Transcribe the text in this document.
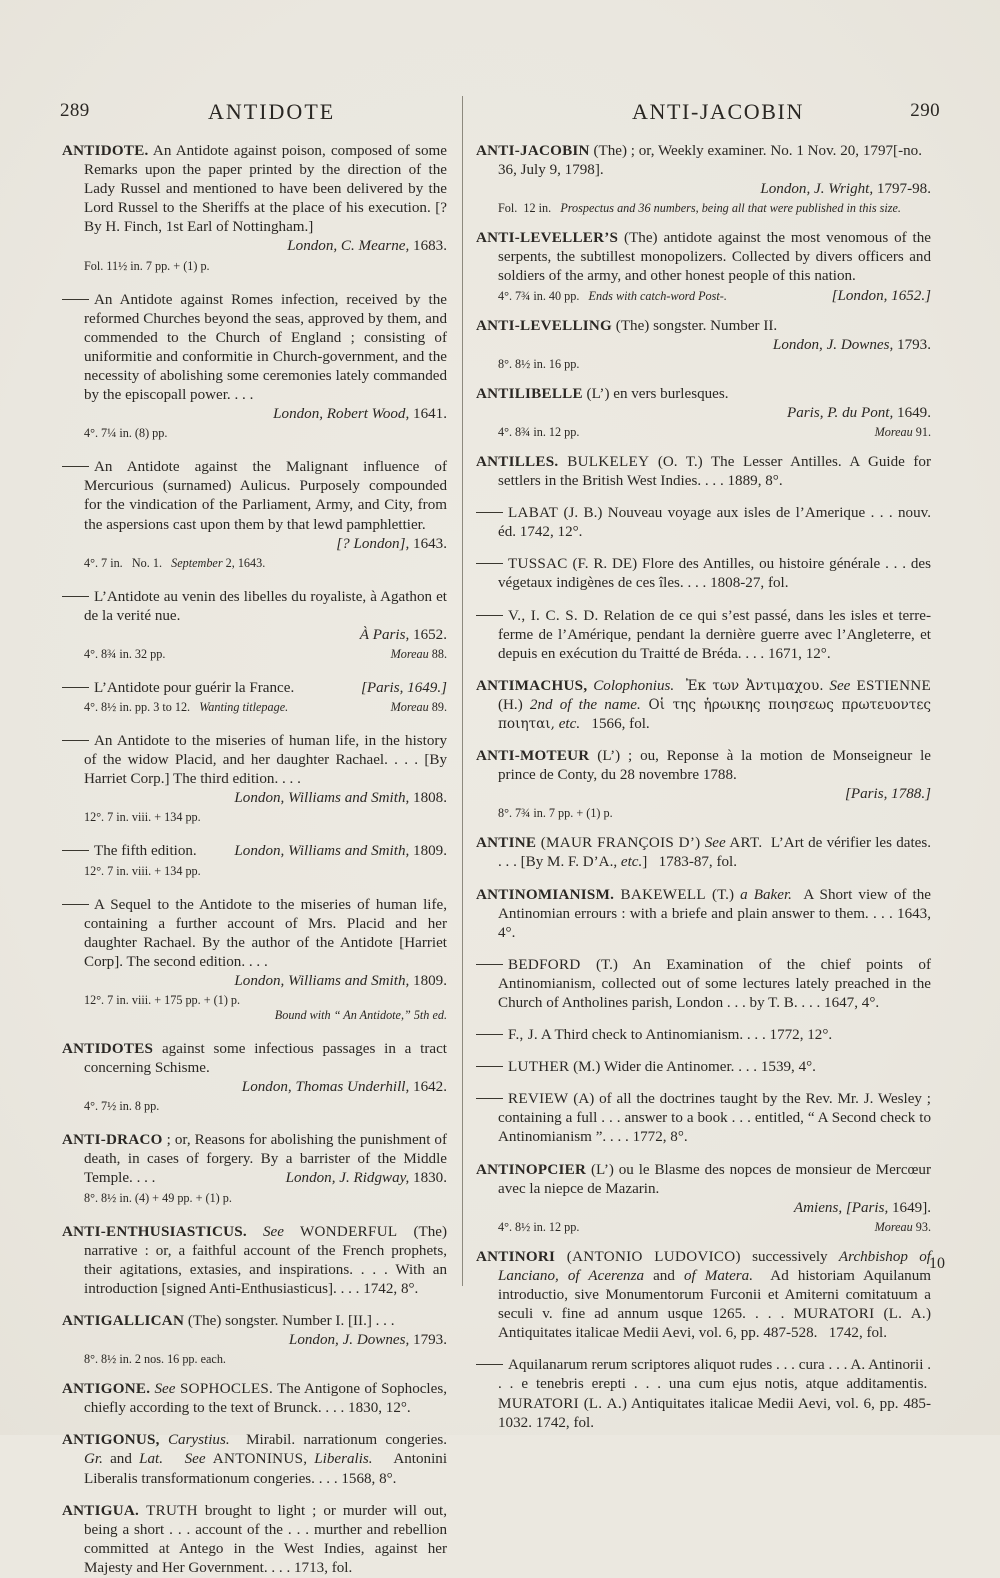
289	ANTIDOTE	ANTI-JACOBIN	290

ANTIDOTE. An Antidote against poison, composed of some Remarks upon the paper printed by the direction of the Lady Russel and mentioned to have been delivered by the Lord Russel to the Sheriffs at the place of his execution. [? By H. Finch, 1st Earl of Nottingham.]

London, C. Mearne, 1683.

Fol. 11½ in. 7 pp. + (1) p.

An Antidote against Romes infection, received by the reformed Churches beyond the seas, approved by them, and commended to the Church of England ; consisting of uniformitie and conformitie in Church-government, and the necessity of abolishing some ceremonies lately commanded by the episcopall power. . . .

London, Robert Wood, 1641.

4°. 7¼ in. (8) pp.

An Antidote against the Malignant influence of Mercurious (surnamed) Aulicus. Purposely compounded for the vindication of the Parliament, Army, and City, from the aspersions cast upon them by that lewd pamphlettier.

[? London], 1643.

4°. 7 in.   No. 1.   September 2, 1643.

L’Antidote au venin des libelles du royaliste, à Agathon et de la verité nue.

À Paris, 1652.

4°. 8¾ in. 32 pp.	Moreau 88.

L’Antidote pour guérir la France.	[Paris, 1649.]

4°. 8½ in. pp. 3 to 12.   Wanting titlepage.	Moreau 89.

An Antidote to the miseries of human life, in the history of the widow Placid, and her daughter Rachael. . . . [By Harriet Corp.] The third edition. . . .

London, Williams and Smith, 1808.

12°. 7 in. viii. + 134 pp.

The fifth edition. London, Williams and Smith, 1809.

12°. 7 in. viii. + 134 pp.

A Sequel to the Antidote to the miseries of human life, containing a further account of Mrs. Placid and her daughter Rachael. By the author of the Antidote [Harriet Corp]. The second edition. . . .

London, Williams and Smith, 1809.

12°. 7 in. viii. + 175 pp. + (1) p.

Bound with “ An Antidote,” 5th ed.

ANTIDOTES against some infectious passages in a tract concerning Schisme.

London, Thomas Underhill, 1642.

4°. 7½ in. 8 pp.

ANTI-DRACO ; or, Reasons for abolishing the punishment of death, in cases of forgery. By a barrister of the Middle Temple. . . .	London, J. Ridgway, 1830.

8°. 8½ in. (4) + 49 pp. + (1) p.

ANTI-ENTHUSIASTICUS. See WONDERFUL (The) narrative : or, a faithful account of the French prophets, their agitations, extasies, and inspirations. . . . With an introduction [signed Anti-Enthusiasticus]. . . . 1742, 8°.

ANTIGALLICAN (The) songster. Number I. [II.] . . .

London, J. Downes, 1793.

8°. 8½ in. 2 nos. 16 pp. each.

ANTIGONE. See SOPHOCLES. The Antigone of Sophocles, chiefly according to the text of Brunck. . . . 1830, 12°.

ANTIGONUS, Carystius.  Mirabil. narrationum congeries. Gr. and Lat. See ANTONINUS, Liberalis.   Antonini Liberalis transformationum congeries. . . . 1568, 8°.

ANTIGUA. TRUTH brought to light ; or murder will out, being a short . . . account of the . . . murther and rebellion committed at Antego in the West Indies, against her Majesty and Her Government. . . . 1713, fol.

ANTI-JACOBIN (The) ; or, Weekly examiner. No. 1 Nov. 20, 1797[-no. 36, July 9, 1798].

London, J. Wright, 1797-98.

Fol.  12 in.   Prospectus and 36 numbers, being all that were published in this size.

ANTI-LEVELLER’S (The) antidote against the most venomous of the serpents, the subtillest monopolizers. Collected by divers officers and soldiers of the army, and other honest people of this nation.
[London, 1652.]

4°. 7¾ in. 40 pp.   Ends with catch-word Post-.

ANTI-LEVELLING (The) songster. Number II.

London, J. Downes, 1793.

8°. 8½ in. 16 pp.

ANTILIBELLE (L’) en vers burlesques.

Paris, P. du Pont, 1649.

4°. 8¾ in. 12 pp.	Moreau 91.

ANTILLES. BULKELEY (O. T.) The Lesser Antilles. A Guide for settlers in the British West Indies. . . . 1889, 8°.

LABAT (J. B.) Nouveau voyage aux isles de l’Amerique . . . nouv. éd. 1742, 12°.

TUSSAC (F. R. DE) Flore des Antilles, ou histoire générale . . . des végetaux indigènes de ces îles. . . . 1808-27, fol.

V., I. C. S. D. Relation de ce qui s’est passé, dans les isles et terre-ferme de l’Amérique, pendant la dernière guerre avec l’Angleterre, et depuis en exécution du Traitté de Bréda. . . . 1671, 12°.

ANTIMACHUS, Colophonius. Ἐκ των Ἀντιμαχου. See ESTIENNE (H.) 2nd of the name. Οἱ της ἡρωικης ποιησεως πρωτευοντες ποιηται, etc.   1566, fol.

ANTI-MOTEUR (L’) ; ou, Reponse à la motion de Monseigneur le prince de Conty, du 28 novembre 1788.

[Paris, 1788.]

8°. 7¾ in. 7 pp. + (1) p.

ANTINE (MAUR FRANÇOIS D’) See ART.  L’Art de vérifier les dates. . . . [By M. F. D’A., etc.]   1783-87, fol.

ANTINOMIANISM. BAKEWELL (T.) a Baker.  A Short view of the Antinomian errours : with a briefe and plain answer to them. . . . 1643, 4°.

BEDFORD (T.) An Examination of the chief points of Antinomianism, collected out of some lectures lately preached in the Church of Antholines parish, London . . . by T. B. . . . 1647, 4°.

F., J. A Third check to Antinomianism. . . . 1772, 12°.

LUTHER (M.) Wider die Antinomer. . . . 1539, 4°.

REVIEW (A) of all the doctrines taught by the Rev. Mr. J. Wesley ; containing a full . . . answer to a book . . . entitled, “ A Second check to Antinomianism ”. . . . 1772, 8°.

ANTINOPCIER (L’) ou le Blasme des nopces de monsieur de Mercœur avec la niepce de Mazarin.

Amiens, [Paris, 1649].

4°. 8½ in. 12 pp.	Moreau 93.

ANTINORI (ANTONIO LUDOVICO) successively Archbishop of Lanciano, of Acerenza and of Matera.  Ad historiam Aquilanum introductio, sive Monumentorum Furconii et Amiterni comitatuum a seculi v. fine ad annum usque 1265. . . . MURATORI (L. A.) Antiquitates italicae Medii Aevi, vol. 6, pp. 487-528.   1742, fol.

Aquilanarum rerum scriptores aliquot rudes . . . cura . . . A. Antinorii . . . e tenebris erepti . . . una cum ejus notis, atque additamentis.  MURATORI (L. A.) Antiquitates italicae Medii Aevi, vol. 6, pp. 485-1032. 1742, fol.

10
